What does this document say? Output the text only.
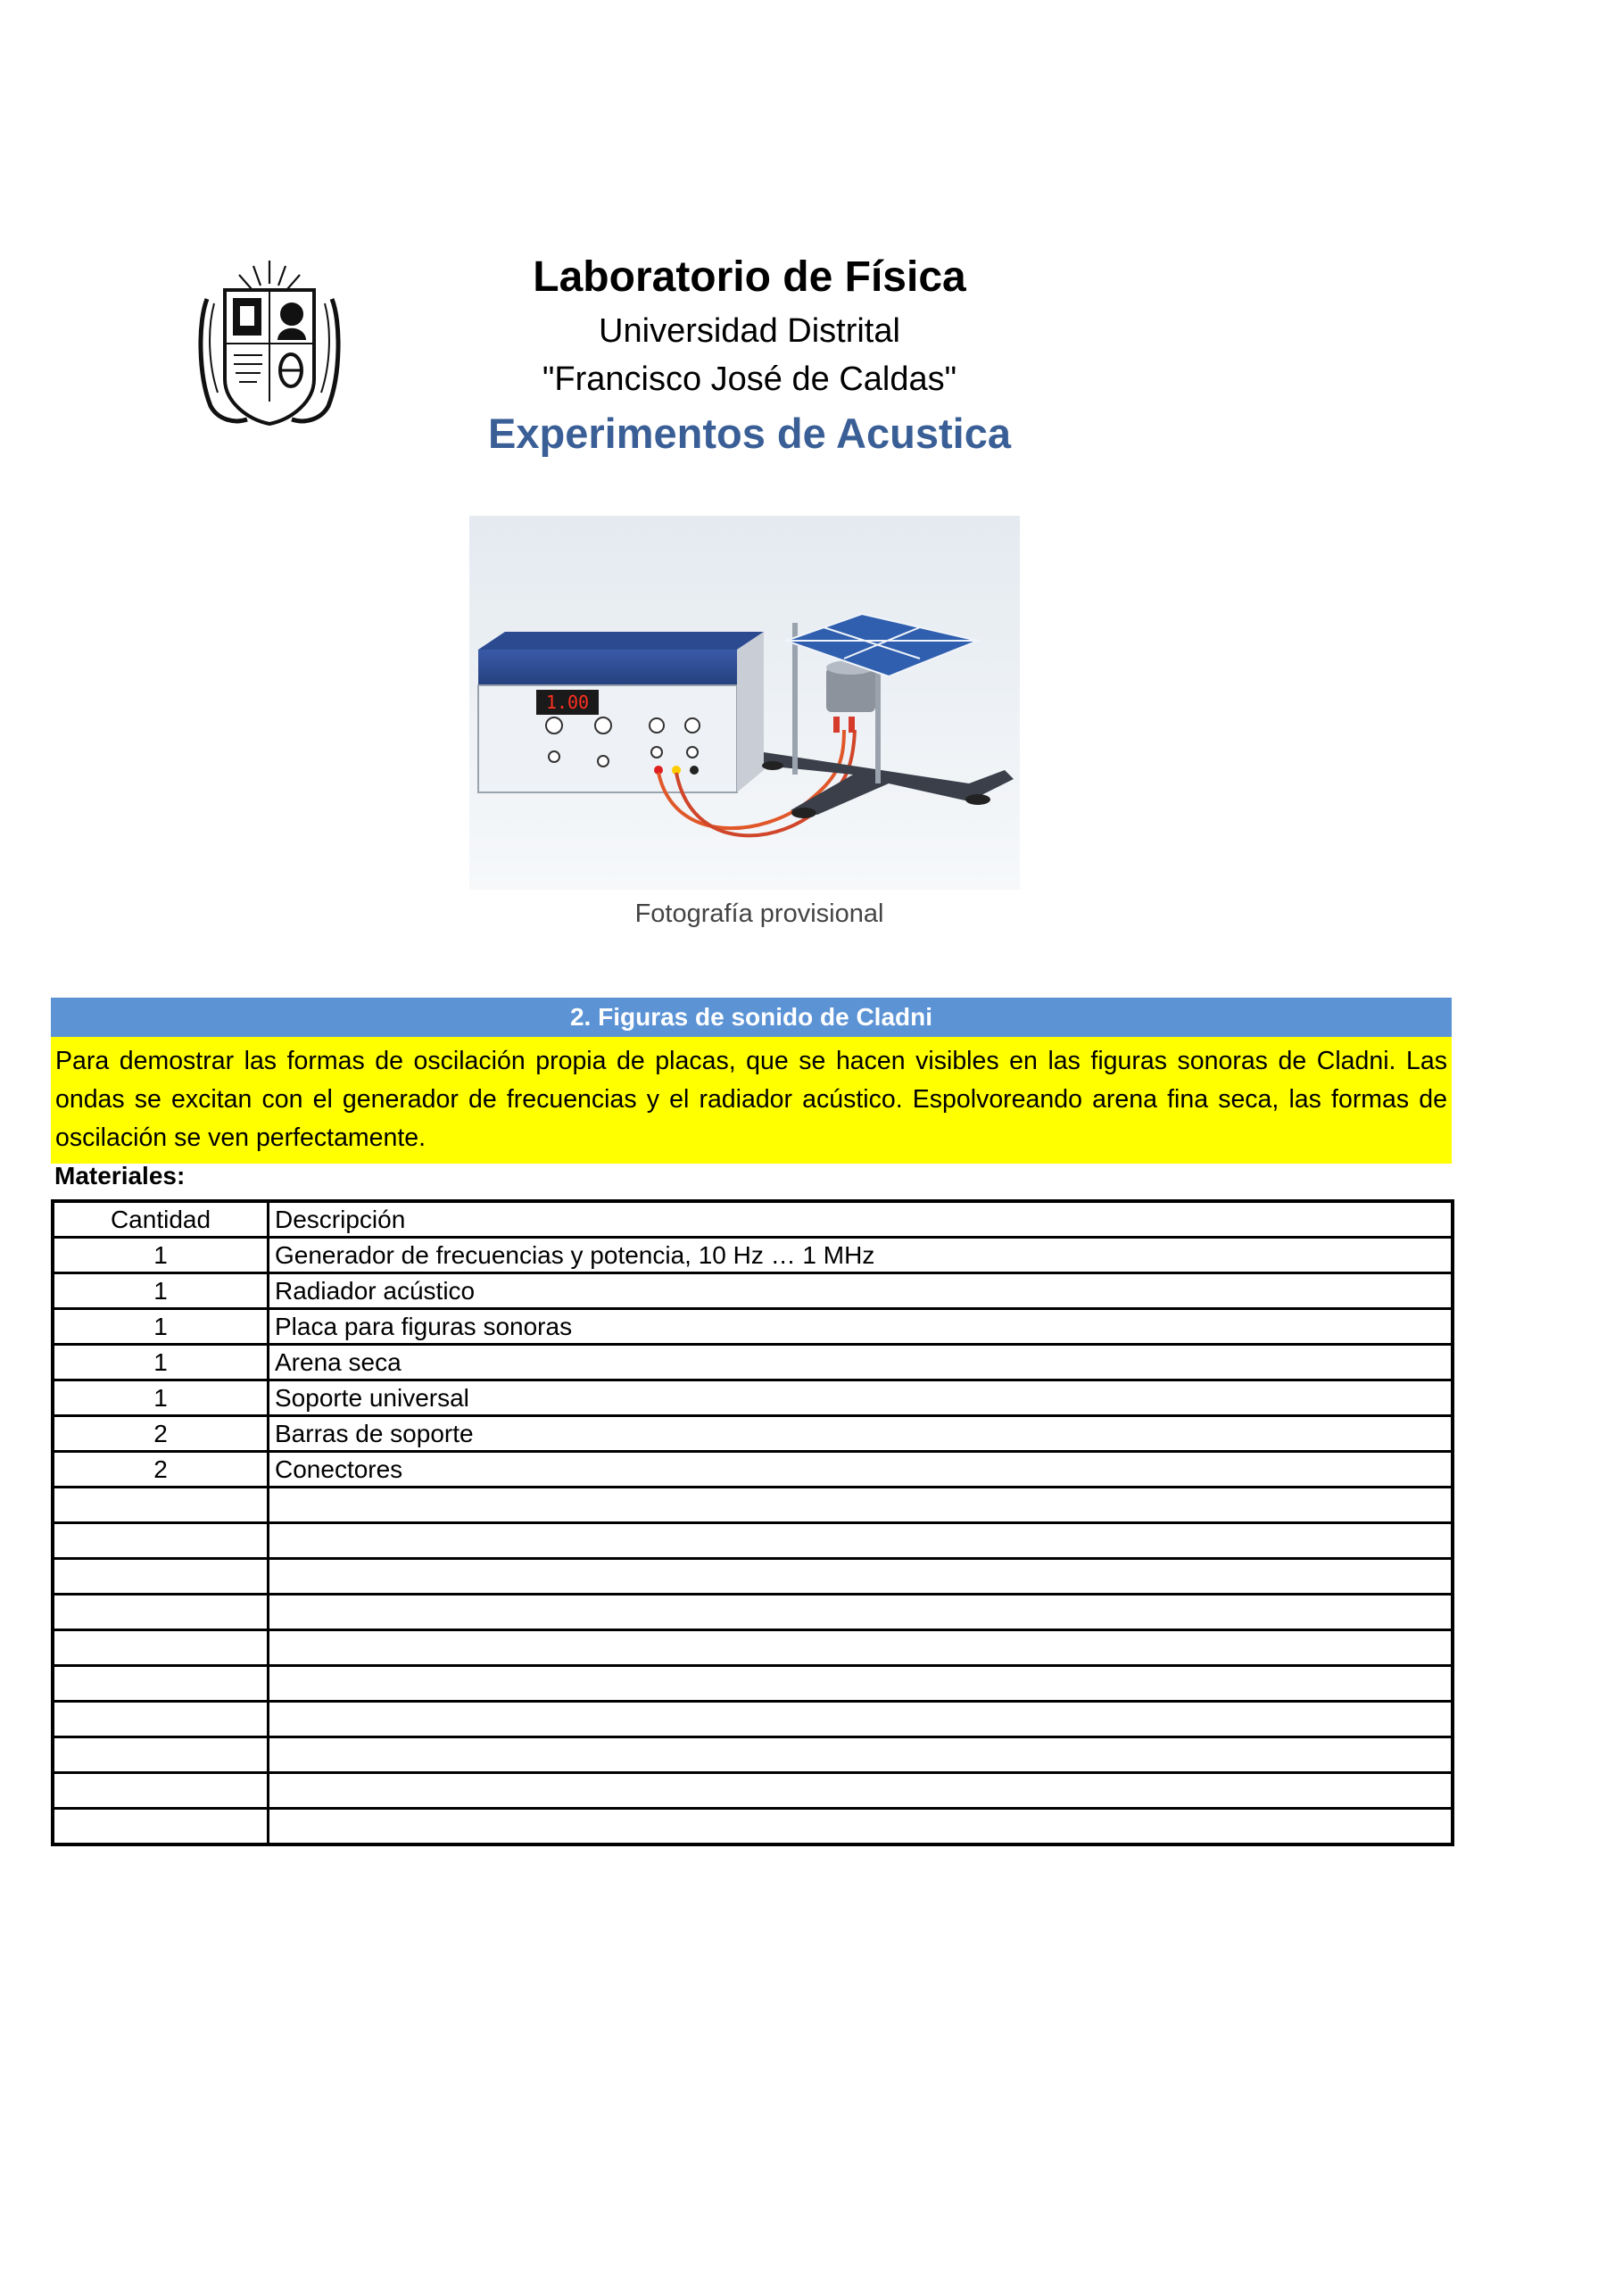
Laboratorio de Física
Universidad Distrital
"Francisco José de Caldas"
Experimentos de Acustica
1.00
Fotografía provisional
2. Figuras de sonido de Cladni
Para demostrar las formas de oscilación propia de placas, que se hacen visibles en las figuras sonoras de Cladni. Las ondas se excitan con el generador de frecuencias y el radiador acústico. Espolvoreando arena fina seca, las formas de oscilación se ven perfectamente.
Materiales:
Cantidad	Descripción
1	Generador de frecuencias y potencia, 10 Hz … 1 MHz
1	Radiador acústico
1	Placa para figuras sonoras
1	Arena seca
1	Soporte universal
2	Barras de soporte
2	Conectores
